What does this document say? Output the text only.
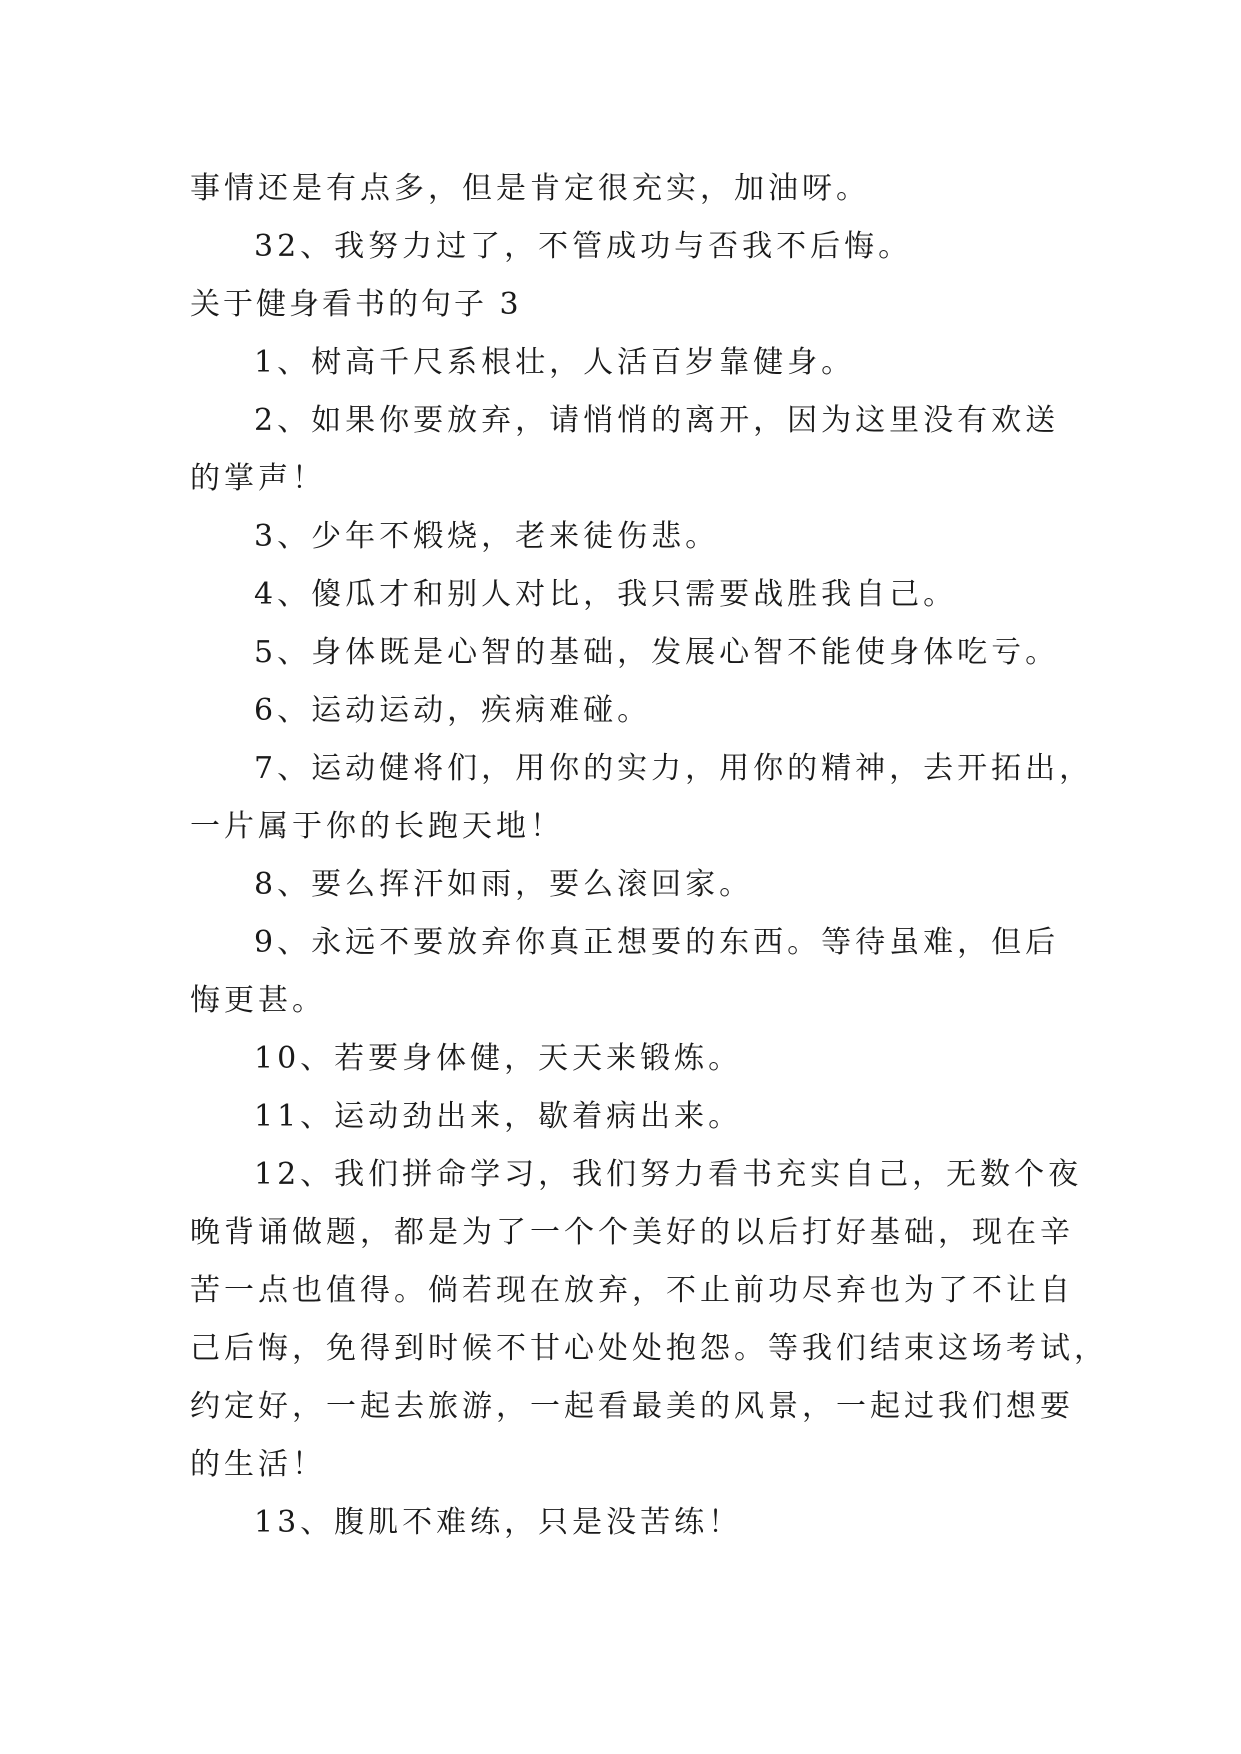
事情还是有点多，但是肯定很充实，加油呀。
32、我努力过了，不管成功与否我不后悔。
关于健身看书的句子 3
1、树高千尺系根壮，人活百岁靠健身。
2、如果你要放弃，请悄悄的离开，因为这里没有欢送
的掌声！
3、少年不煅烧，老来徒伤悲。
4、傻瓜才和别人对比，我只需要战胜我自己。
5、身体既是心智的基础，发展心智不能使身体吃亏。
6、运动运动，疾病难碰。
7、运动健将们，用你的实力，用你的精神，去开拓出，
一片属于你的长跑天地！
8、要么挥汗如雨，要么滚回家。
9、永远不要放弃你真正想要的东西。等待虽难，但后
悔更甚。
10、若要身体健，天天来锻炼。
11、运动劲出来，歇着病出来。
12、我们拼命学习，我们努力看书充实自己，无数个夜
晚背诵做题，都是为了一个个美好的以后打好基础，现在辛
苦一点也值得。倘若现在放弃，不止前功尽弃也为了不让自
己后悔，免得到时候不甘心处处抱怨。等我们结束这场考试，
约定好，一起去旅游，一起看最美的风景，一起过我们想要
的生活！
13、腹肌不难练，只是没苦练！
